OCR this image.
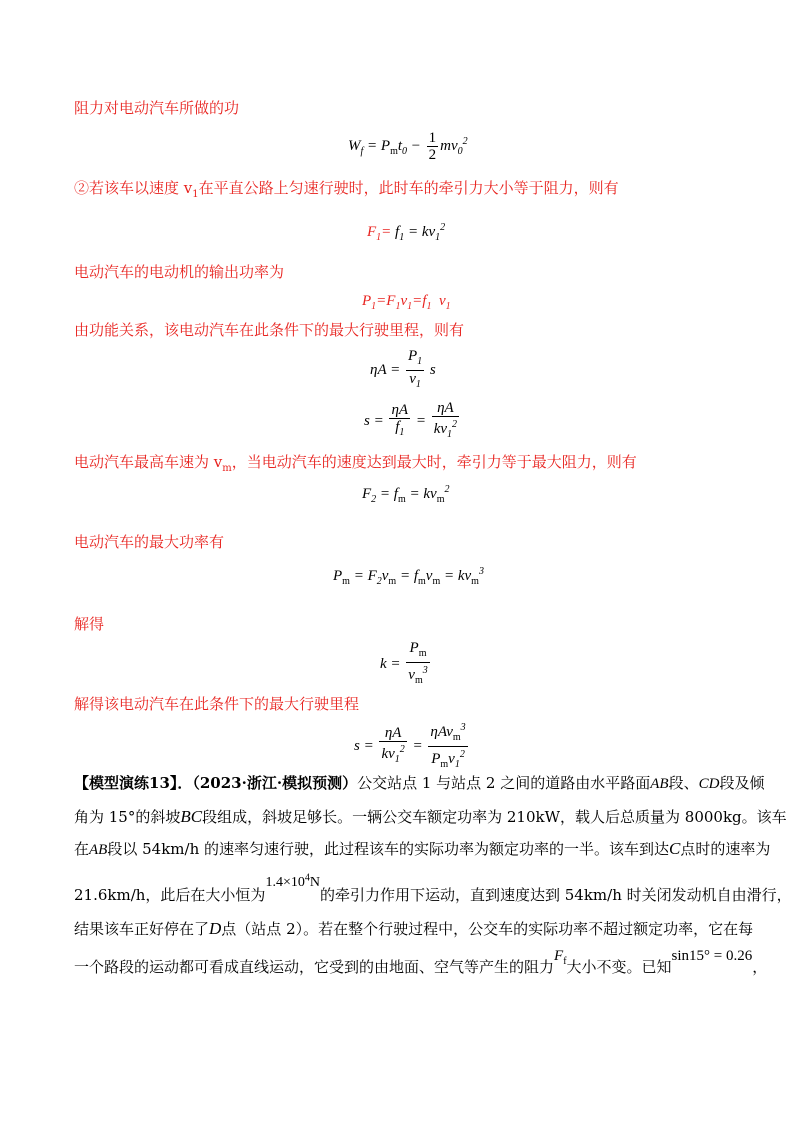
阻力对电动汽车所做的功
$W_f = P_mt_0 - \frac{1}{2} mv_0^2$
②若该车以速度 $v_1$在平直公路上匀速行驶时，此时车的牵引力大小等于阻力，则有
$F_1= f_1 = kv_1^2$
电动汽车的电动机的输出功率为
$P_1=F_1v_1=f_1$  $v_1$
由功能关系，该电动汽车在此条件下的最大行驶里程，则有
$\eta A = \frac{P_1}{v_1}$ s
$s = \frac{\eta A}{f_1} = \frac{\eta A}{kv_1^2}$
电动汽车最高车速为 $v_m$，当电动汽车的速度达到最大时，牵引力等于最大阻力，则有
$F_2 = f_m = kv_m^2$
电动汽车的最大功率有
$P_m = F_2v_m = f_mv_m = kv_m^3$
解得
$k = \frac{P_m}{v_m^3}$
解得该电动汽车在此条件下的最大行驶里程
$s = \frac{\eta A}{kv_1^2} = \frac{\eta Av_m^3}{P_mv_1^2}$
【模型演练13】．（2023·浙江·模拟预测）公交站点 1 与站点 2 之间的道路由水平路面AB段、CD段及倾
角为 15°的斜坡BC段组成，斜坡足够长。一辆公交车额定功率为 210kW，载人后总质量为 8000kg。该车
在AB段以 54km/h 的速率匀速行驶，此过程该车的实际功率为额定功率的一半。该车到达C点时的速率为
21.6km/h，此后在大小恒为$1.4\times 10^4N$的牵引力作用下运动，直到速度达到 54km/h 时关闭发动机自由滑行，
结果该车正好停在了D点（站点 2）。若在整个行驶过程中，公交车的实际功率不超过额定功率，它在每
一个路段的运动都可看成直线运动，它受到的由地面、空气等产生的阻力$F_f$大小不变。已知sin15° = 0.26，
